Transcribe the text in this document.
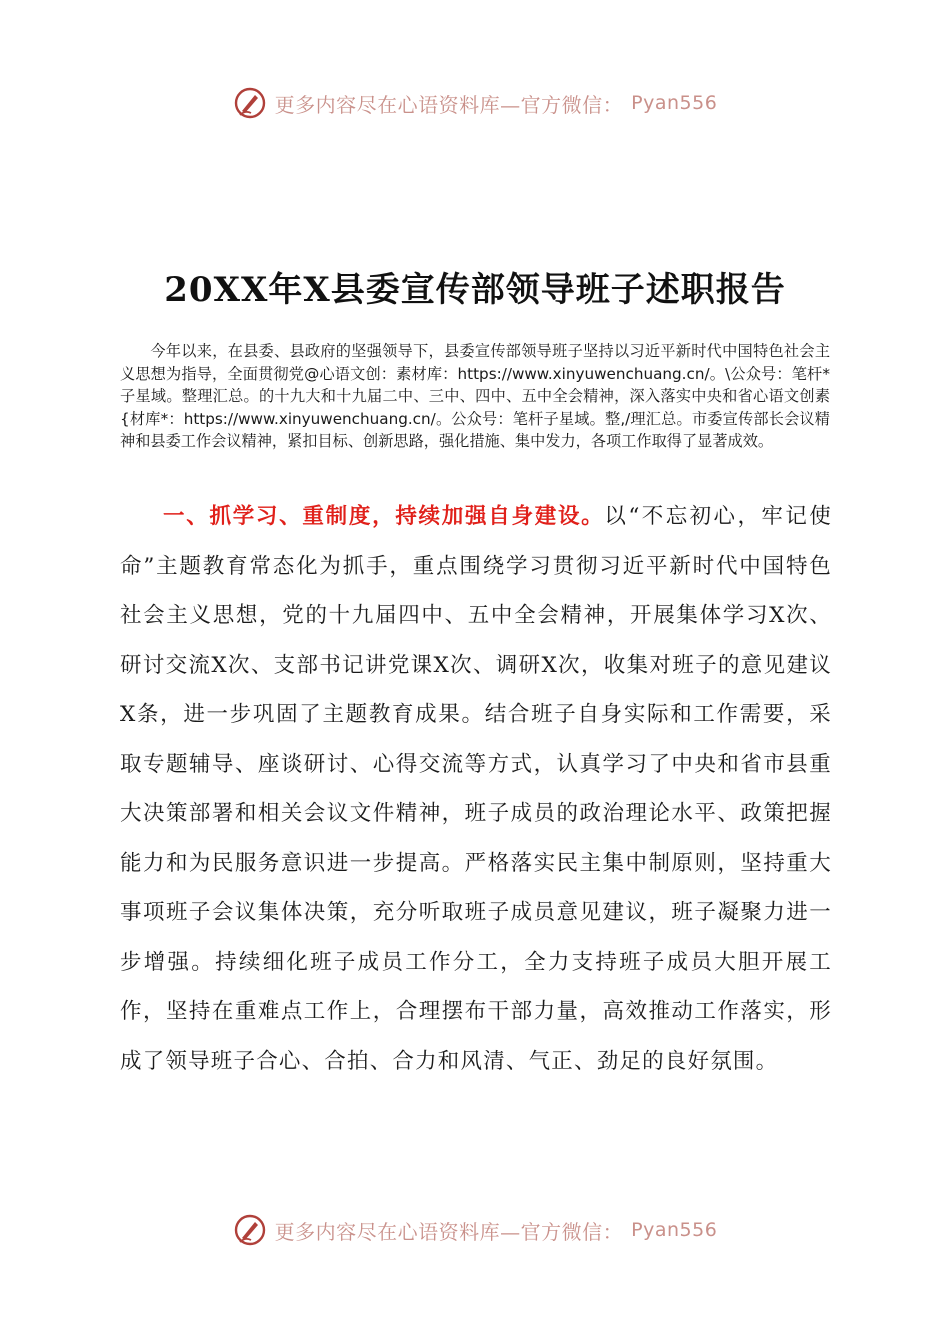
更多内容尽在心语资料库—官方微信： Pyan556
20XX年X县委宣传部领导班子述职报告
今年以来，在县委、县政府的坚强领导下，县委宣传部领导班子坚持以习近平新时代中国特色社会主义思想为指导，全面贯彻党@心语文创：素材库：https://www.xinyuwenchuang.cn/。\公众号：笔杆*子星域。整理汇总。的十九大和十九届二中、三中、四中、五中全会精神，深入落实中央和省心语文创素{材库*：https://www.xinyuwenchuang.cn/。公众号：笔杆子星域。整,/理汇总。市委宣传部长会议精神和县委工作会议精神，紧扣目标、创新思路，强化措施、集中发力，各项工作取得了显著成效。
一、抓学习、重制度，持续加强自身建设。以“不忘初心，牢记使命”主题教育常态化为抓手，重点围绕学习贯彻习近平新时代中国特色社会主义思想，党的十九届四中、五中全会精神，开展集体学习X次、研讨交流X次、支部书记讲党课X次、调研X次，收集对班子的意见建议X条，进一步巩固了主题教育成果。结合班子自身实际和工作需要，采取专题辅导、座谈研讨、心得交流等方式，认真学习了中央和省市县重大决策部署和相关会议文件精神，班子成员的政治理论水平、政策把握能力和为民服务意识进一步提高。严格落实民主集中制原则，坚持重大事项班子会议集体决策，充分听取班子成员意见建议，班子凝聚力进一步增强。持续细化班子成员工作分工，全力支持班子成员大胆开展工作，坚持在重难点工作上，合理摆布干部力量，高效推动工作落实，形成了领导班子合心、合拍、合力和风清、气正、劲足的良好氛围。
更多内容尽在心语资料库—官方微信： Pyan556
